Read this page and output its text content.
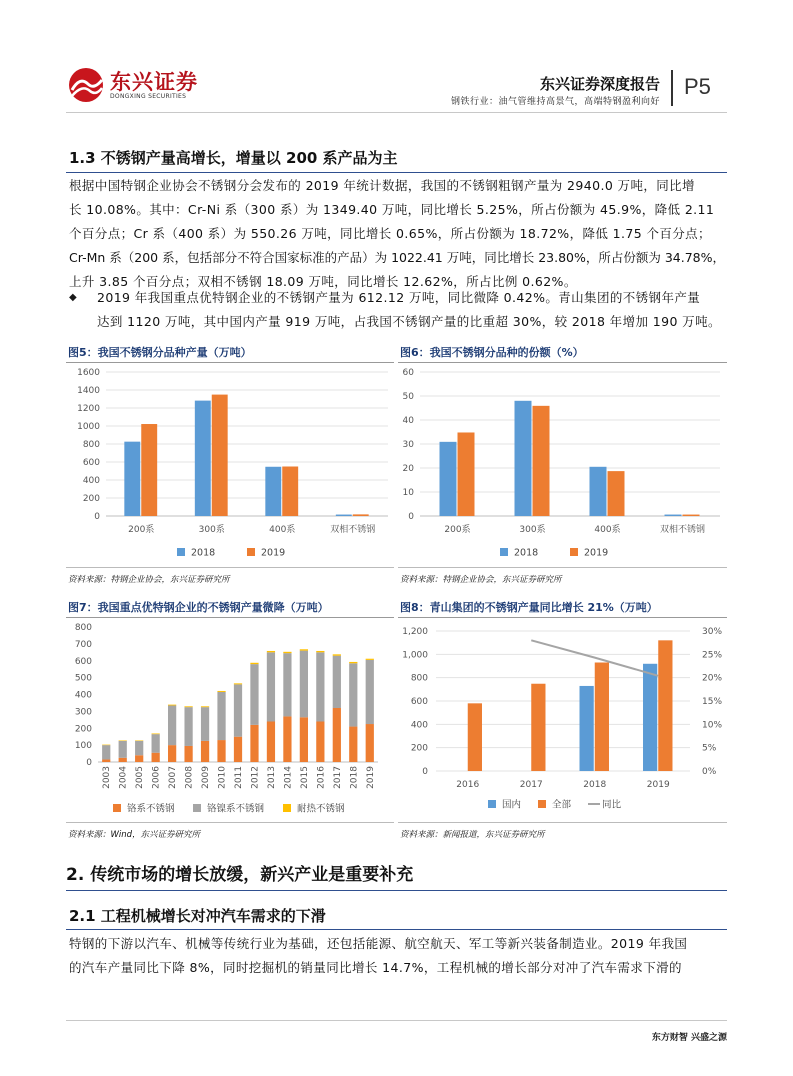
东兴证券
DONGXING SECURITIES
东兴证券深度报告
钢铁行业：油气管维持高景气，高端特钢盈利向好
P5
1.3 不锈钢产量高增长，增量以 200 系产品为主
根据中国特钢企业协会不锈钢分会发布的 2019 年统计数据，我国的不锈钢粗钢产量为 2940.0 万吨，同比增
长 10.08%。其中：Cr-Ni 系（300 系）为 1349.40 万吨，同比增长 5.25%，所占份额为 45.9%，降低 2.11
个百分点；Cr 系（400 系）为 550.26 万吨，同比增长 0.65%，所占份额为 18.72%，降低 1.75 个百分点；
Cr-Mn 系（200 系，包括部分不符合国家标准的产品）为 1022.41 万吨，同比增长 23.80%，所占份额为 34.78%，
上升 3.85 个百分点；双相不锈钢 18.09 万吨，同比增长 12.62%，所占比例 0.62%。
◆ 2019 年我国重点优特钢企业的不锈钢产量为 612.12 万吨，同比微降 0.42%。青山集团的不锈钢年产量
达到 1120 万吨，其中国内产量 919 万吨，占我国不锈钢产量的比重超 30%，较 2018 年增加 190 万吨。
图5：我国不锈钢分品种产量（万吨）
0
200
400
600
800
1000
1200
1400
1600
200系	300系	400系	双相不锈钢
2018	2019
资料来源：特钢企业协会，东兴证券研究所
图6：我国不锈钢分品种的份额（%）
0
10
20
30
40
50
60
200系	300系	400系	双相不锈钢
2018	2019
资料来源：特钢企业协会，东兴证券研究所
图7：我国重点优特钢企业的不锈钢产量微降（万吨）
0
100
200
300
400
500
600
700
800
2003 2004 2005 2006 2007 2008 2009 2010 2011 2012 2013 2014 2015 2016 2017 2018 2019
铬系不锈钢	铬镍系不锈钢	耐热不锈钢
资料来源：Wind，东兴证券研究所
图8：青山集团的不锈钢产量同比增长 21%（万吨）
0
200
400
600
800
1,000
1,200
0%
5%
10%
15%
20%
25%
30%
2016	2017	2018	2019
国内	全部	同比
资料来源：新闻报道，东兴证券研究所
2. 传统市场的增长放缓，新兴产业是重要补充
2.1 工程机械增长对冲汽车需求的下滑
特钢的下游以汽车、机械等传统行业为基础，还包括能源、航空航天、军工等新兴装备制造业。2019 年我国
的汽车产量同比下降 8%，同时挖掘机的销量同比增长 14.7%，工程机械的增长部分对冲了汽车需求下滑的
东方财智 兴盛之源
